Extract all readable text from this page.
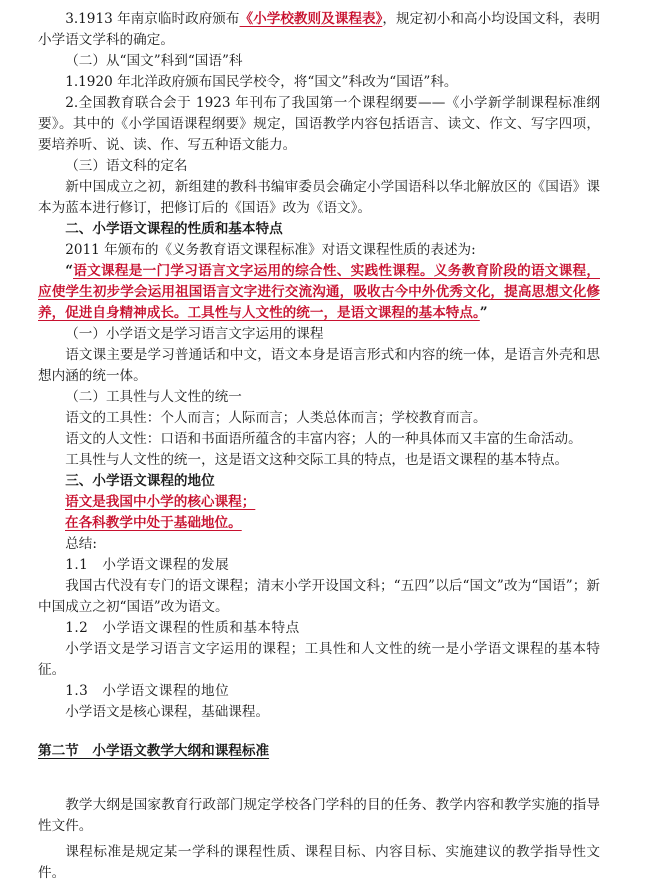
3.1913 年南京临时政府颁布《小学校教则及课程表》，规定初小和高小均设国文科，表明小学语文学科的确定。

（二）从“国文”科到“国语”科

1.1920 年北洋政府颁布国民学校令，将“国文”科改为“国语”科。

2.全国教育联合会于 1923 年刊布了我国第一个课程纲要——《小学新学制课程标准纲要》。其中的《小学国语课程纲要》规定，国语教学内容包括语言、读文、作文、写字四项，要培养听、说、读、作、写五种语文能力。

（三）语文科的定名

新中国成立之初，新组建的教科书编审委员会确定小学国语科以华北解放区的《国语》课本为蓝本进行修订，把修订后的《国语》改为《语文》。

二、小学语文课程的性质和基本特点

2011 年颁布的《义务教育语文课程标准》对语文课程性质的表述为:

“语文课程是一门学习语言文字运用的综合性、实践性课程。义务教育阶段的语文课程，应使学生初步学会运用祖国语言文字进行交流沟通，吸收古今中外优秀文化，提高思想文化修养，促进自身精神成长。工具性与人文性的统一，是语文课程的基本特点。”

（一）小学语文是学习语言文字运用的课程

语文课主要是学习普通话和中文，语文本身是语言形式和内容的统一体，是语言外壳和思想内涵的统一体。

（二）工具性与人文性的统一

语文的工具性：个人而言；人际而言；人类总体而言；学校教育而言。

语文的人文性：口语和书面语所蕴含的丰富内容；人的一种具体而又丰富的生命活动。

工具性与人文性的统一，这是语文这种交际工具的特点，也是语文课程的基本特点。

三、小学语文课程的地位

语文是我国中小学的核心课程；

在各科教学中处于基础地位。

总结:

1.1　小学语文课程的发展

我国古代没有专门的语文课程；清末小学开设国文科；“五四”以后“国文”改为“国语”；新中国成立之初“国语”改为语文。

1.2　小学语文课程的性质和基本特点

小学语文是学习语言文字运用的课程；工具性和人文性的统一是小学语文课程的基本特征。

1.3　小学语文课程的地位

小学语文是核心课程，基础课程。

第二节　小学语文教学大纲和课程标准

教学大纲是国家教育行政部门规定学校各门学科的目的任务、教学内容和教学实施的指导性文件。

课程标准是规定某一学科的课程性质、课程目标、内容目标、实施建议的教学指导性文件。
